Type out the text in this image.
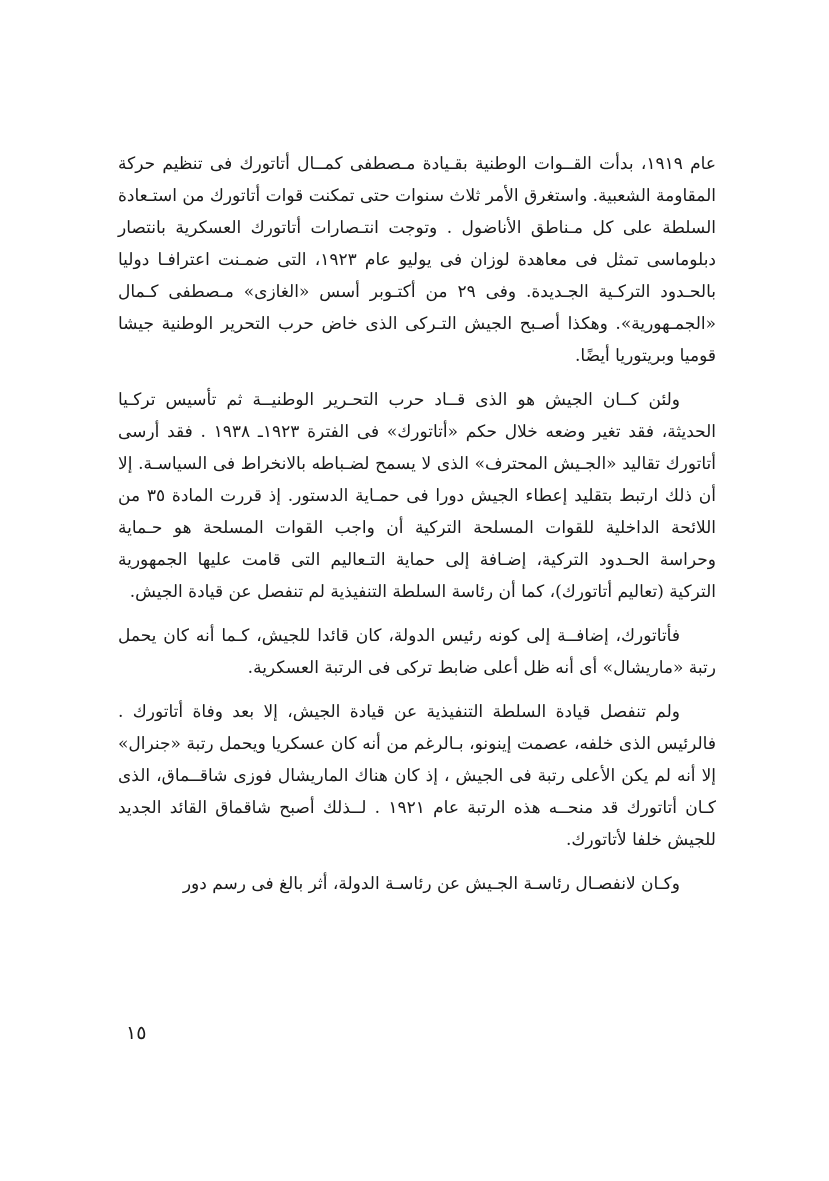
عام ١٩١٩، بدأت القــوات الوطنية بقـيادة مـصطفى كمــال أتاتورك فى تنظيم حركة المقاومة الشعبية. واستغرق الأمر ثلاث سنوات حتى تمكنت قوات أتاتورك من استـعادة السلطة على كل مـناطق الأناضول . وتوجت انتـصارات أتاتورك العسكرية بانتصار دبلوماسى تمثل فى معاهدة لوزان فى يوليو عام ١٩٢٣، التى ضمـنت اعترافـا دوليا بالحـدود التركـية الجـديدة. وفى ٢٩ من أكتـوبر أسس «الغازى» مـصطفى كـمال «الجمـهورية». وهكذا أصـبح الجيش التـركى الذى خاض حرب التحرير الوطنية جيشا قوميا وبريتوريا أيضًا.

ولئن كــان الجيش هو الذى قــاد حرب التحـرير الوطنيــة ثم تأسيس تركـيا الحديثة، فقد تغير وضعه خلال حكم «أتاتورك» فى الفترة ١٩٢٣ـ ١٩٣٨ . فقد أرسى أتاتورك تقاليد «الجـيش المحترف» الذى لا يسمح لضـباطه بالانخراط فى السياسـة. إلا أن ذلك ارتبط بتقليد إعطاء الجيش دورا فى حمـاية الدستور. إذ قررت المادة ٣٥ من اللائحة الداخلية للقوات المسلحة التركية أن واجب القوات المسلحة هو حـماية وحراسة الحـدود التركية، إضـافة إلى حماية التـعاليم التى قامت عليها الجمهورية التركية (تعاليم أتاتورك)، كما أن رئاسة السلطة التنفيذية لم تنفصل عن قيادة الجيش.

فأتاتورك، إضافــة إلى كونه رئيس الدولة، كان قائدا للجيش، كـما أنه كان يحمل رتبة «ماريشال» أى أنه ظل أعلى ضابط تركى فى الرتبة العسكرية.

ولم تنفصل قيادة السلطة التنفيذية عن قيادة الجيش، إلا بعد وفاة أتاتورك . فالرئيس الذى خلفه، عصمت إينونو، بـالرغم من أنه كان عسكريا ويحمل رتبة «جنرال» إلا أنه لم يكن الأعلى رتبة فى الجيش ، إذ كان هناك الماريشال فوزى شاقــماق، الذى كـان أتاتورك قد منحــه هذه الرتبة عام ١٩٢١ . لــذلك أصبح شاقماق القائد الجديد للجيش خلفا لأتاتورك.

وكـان لانفصـال رئاسـة الجـيش عن رئاسـة الدولة، أثر بالغ فى رسم دور

١٥
